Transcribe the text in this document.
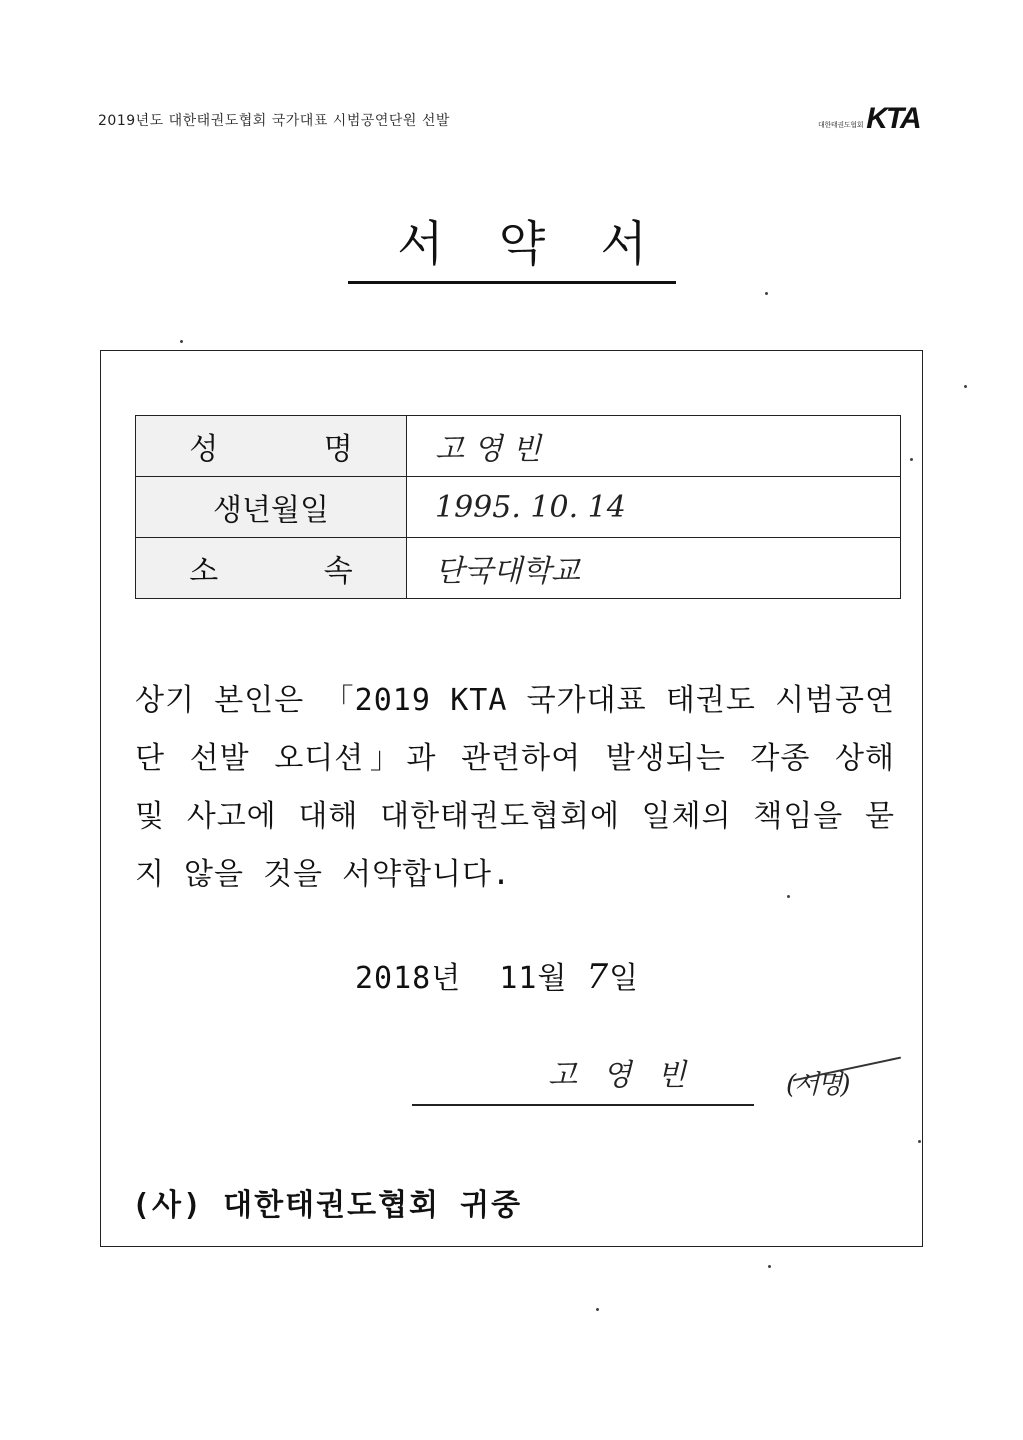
2019년도 대한태권도협회 국가대표 시범공연단원 선발	대한태권도협회 KTA
서 약 서
성 명	고 영 빈
생년월일	1995. 10. 14
소 속	단국대학교
상기 본인은 「2019 KTA 국가대표 태권도 시범공연단 선발 오디션」과 관련하여 발생되는 각종 상해 및 사고에 대해 대한태권도협회에 일체의 책임을 묻지 않을 것을 서약합니다.
2018년 11월 7일
고 영 빈	(서명)
(사) 대한태권도협회 귀중
